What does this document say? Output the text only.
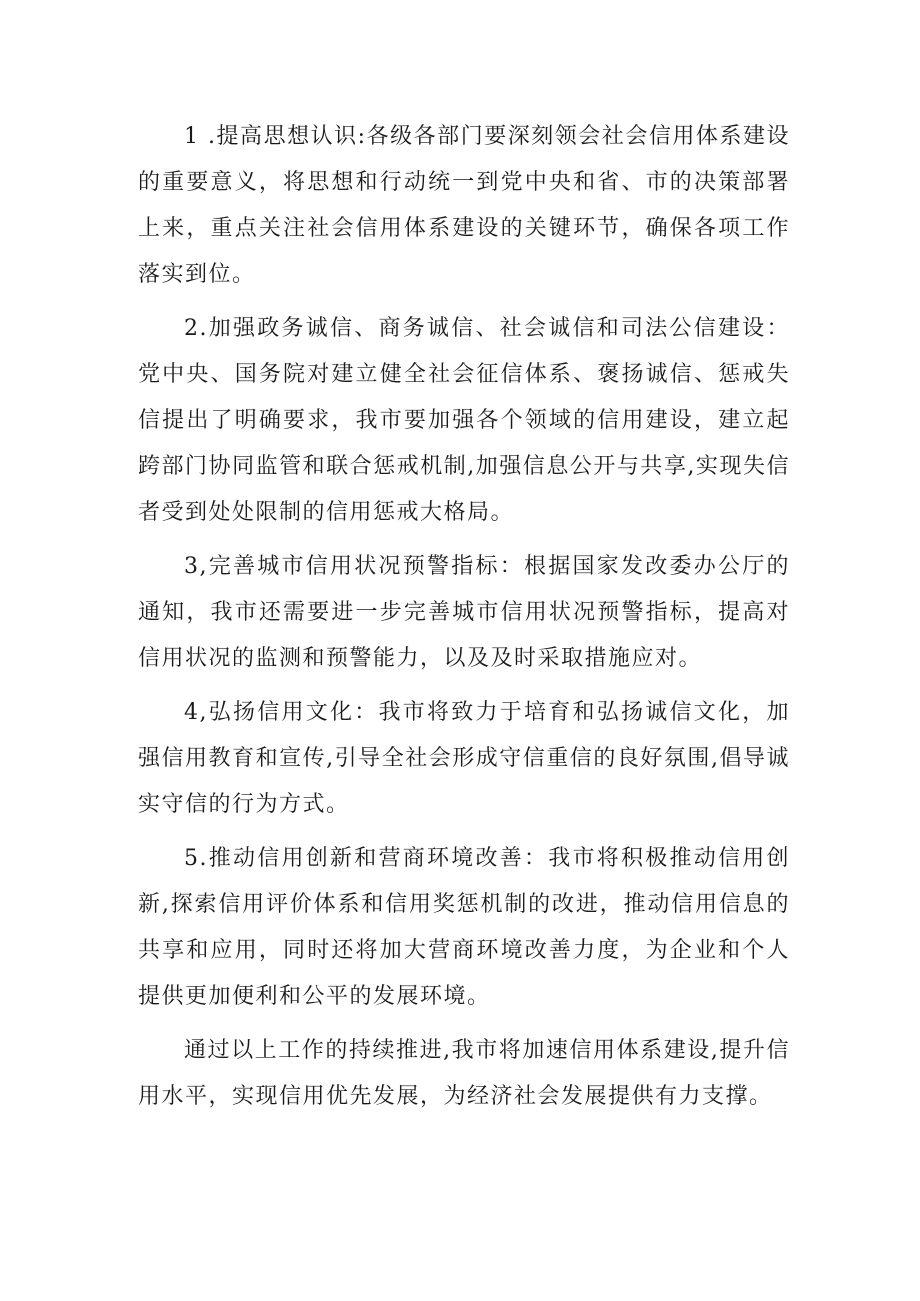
1 .提高思想认识:各级各部门要深刻领会社会信用体系建设的重要意义，将思想和行动统一到党中央和省、市的决策部署上来，重点关注社会信用体系建设的关键环节，确保各项工作落实到位。

2.加强政务诚信、商务诚信、社会诚信和司法公信建设：党中央、国务院对建立健全社会征信体系、褒扬诚信、惩戒失信提出了明确要求，我市要加强各个领域的信用建设，建立起跨部门协同监管和联合惩戒机制,加强信息公开与共享,实现失信者受到处处限制的信用惩戒大格局。

3,完善城市信用状况预警指标：根据国家发改委办公厅的通知，我市还需要进一步完善城市信用状况预警指标，提高对信用状况的监测和预警能力，以及及时采取措施应对。

4,弘扬信用文化：我市将致力于培育和弘扬诚信文化，加强信用教育和宣传,引导全社会形成守信重信的良好氛围,倡导诚实守信的行为方式。

5.推动信用创新和营商环境改善：我市将积极推动信用创新,探索信用评价体系和信用奖惩机制的改进，推动信用信息的共享和应用，同时还将加大营商环境改善力度，为企业和个人提供更加便利和公平的发展环境。

通过以上工作的持续推进,我市将加速信用体系建设,提升信用水平，实现信用优先发展，为经济社会发展提供有力支撑。
